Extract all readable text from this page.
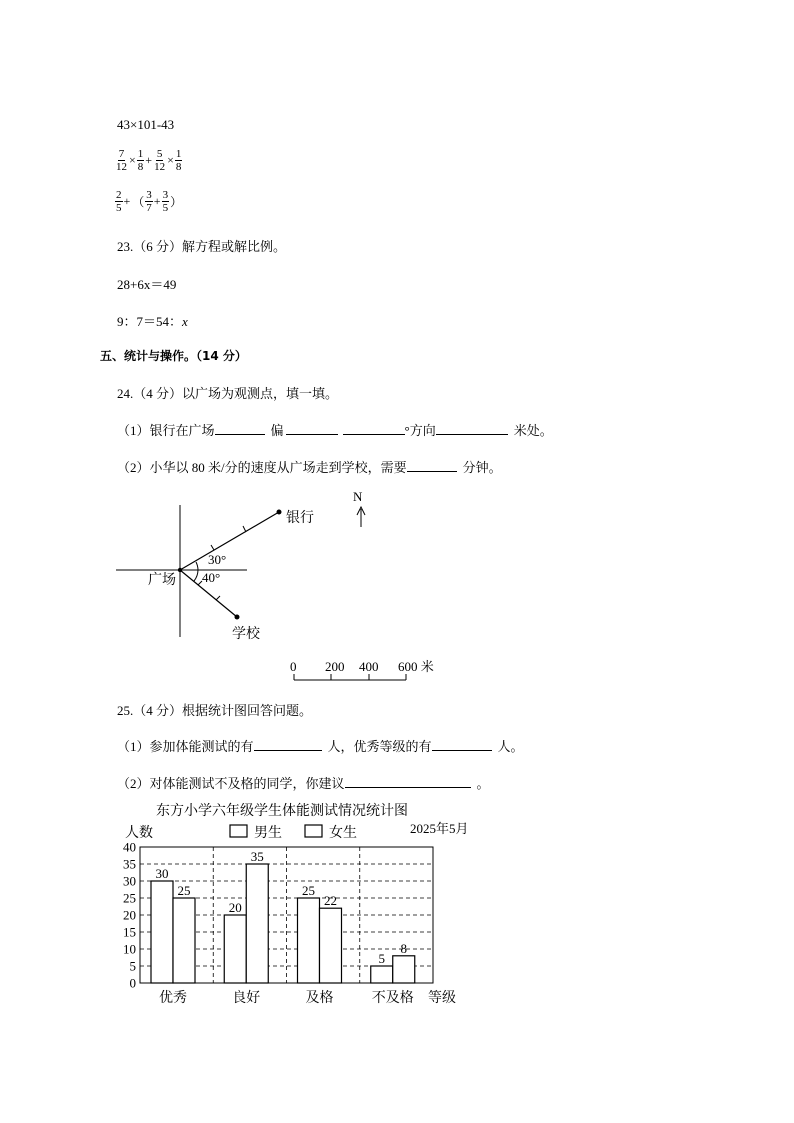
43×101-43
$\frac{7}{12} \times \frac{1}{8} + \frac{5}{12} \times \frac{1}{8}$
$\frac{2}{5}$ + （ $\frac{3}{7} + \frac{3}{5}$ ）
23.（6 分）解方程或解比例。
28+6x＝49
9：7＝54：x
五、统计与操作。（14 分）
24.（4 分）以广场为观测点，填一填。
（1）银行在广场	偏	°方向	米处。
（2）小华以 80 米/分的速度从广场走到学校，需要	分钟。
30°
40°
银行
广场
学校
N
0 200 400 600 米
25.（4 分）根据统计图回答问题。
（1）参加体能测试的有	人，优秀等级的有	人。
（2）对体能测试不及格的同学，你建议	。
东方小学六年级学生体能测试情况统计图
2025年5月
人数
等级
男生	女生
30
20
25
5
25
35
22
8
0
5
10
15
20
25
30
35
40
优秀	良好	及格	不及格
